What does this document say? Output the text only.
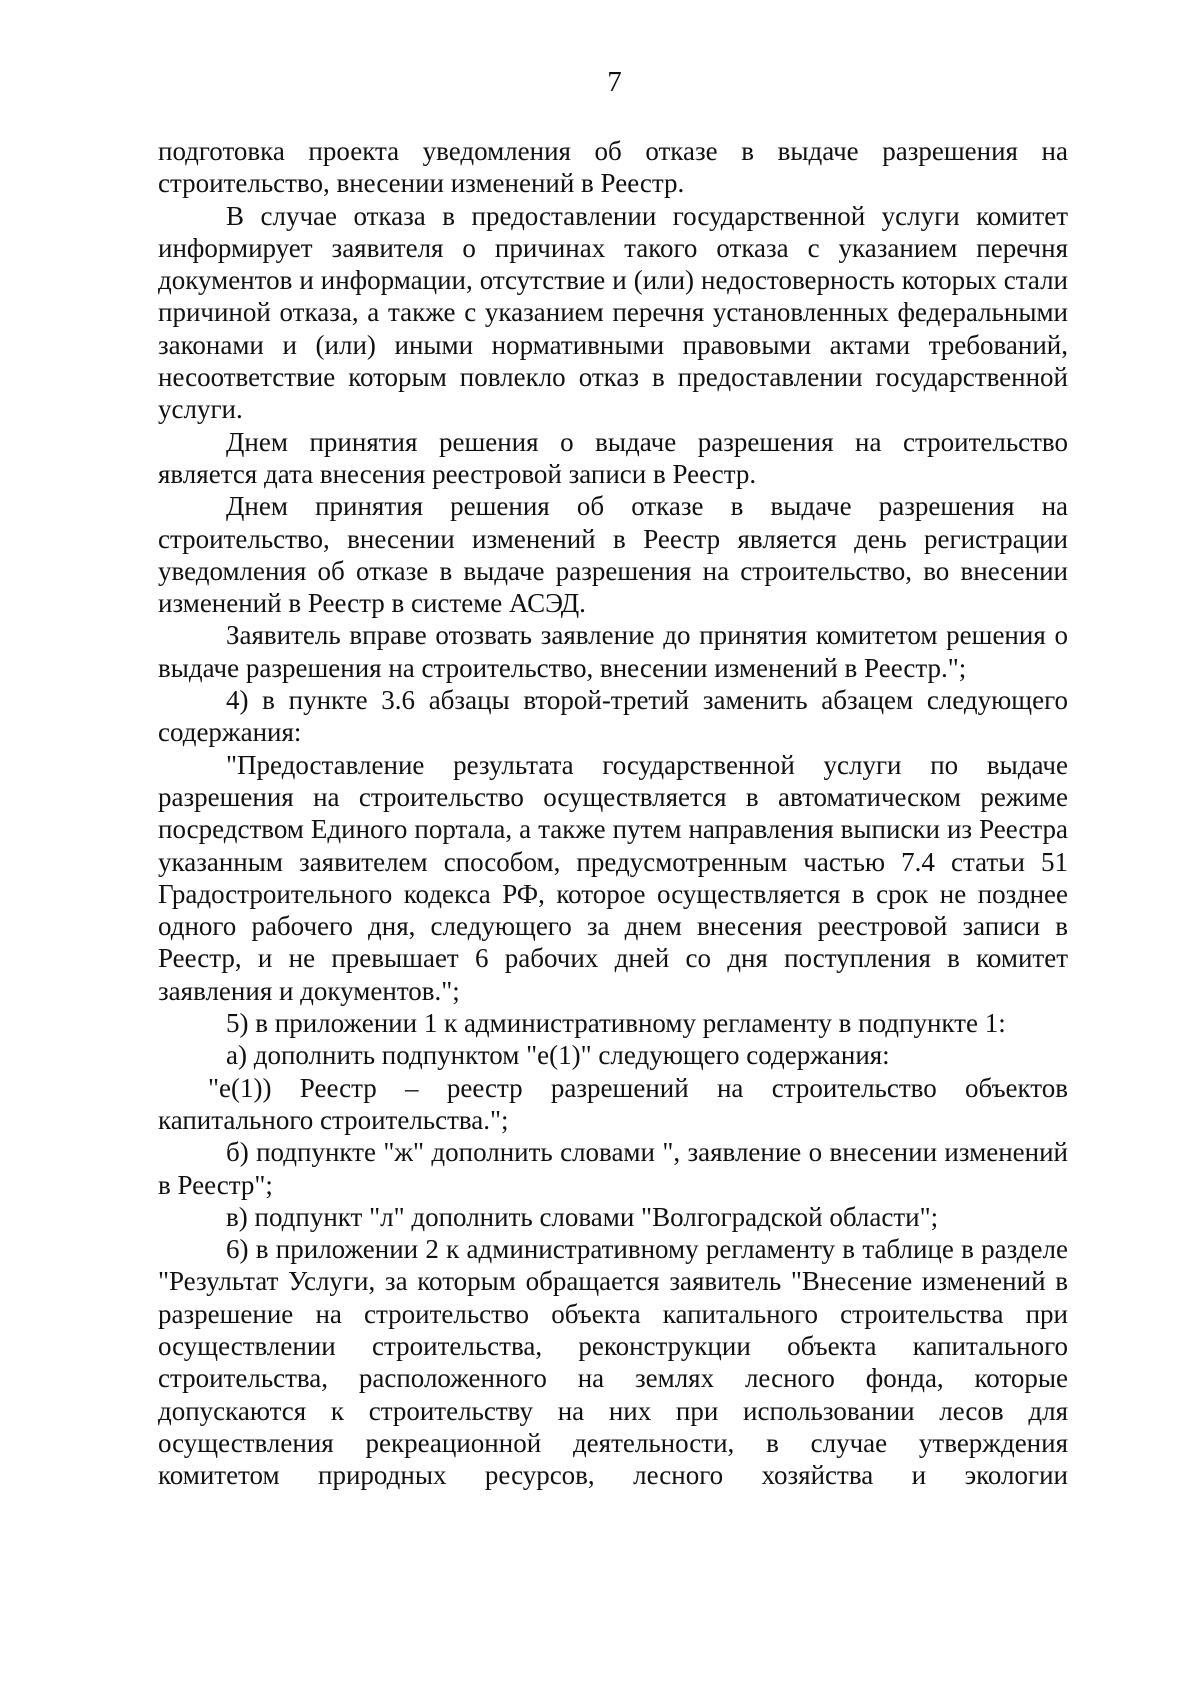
7

подготовка проекта уведомления об отказе в выдаче разрешения на строительство, внесении изменений в Реестр.

В случае отказа в предоставлении государственной услуги комитет информирует заявителя о причинах такого отказа с указанием перечня документов и информации, отсутствие и (или) недостоверность которых стали причиной отказа, а также с указанием перечня установленных федеральными законами и (или) иными нормативными правовыми актами требований, несоответствие которым повлекло отказ в предоставлении государственной услуги.

Днем принятия решения о выдаче разрешения на строительство является дата внесения реестровой записи в Реестр.

Днем принятия решения об отказе в выдаче разрешения на строительство, внесении изменений в Реестр является день регистрации уведомления об отказе в выдаче разрешения на строительство, во внесении изменений в Реестр в системе АСЭД.

Заявитель вправе отозвать заявление до принятия комитетом решения о выдаче разрешения на строительство, внесении изменений в Реестр.";

4) в пункте 3.6 абзацы второй-третий заменить абзацем следующего содержания:

"Предоставление результата государственной услуги по выдаче разрешения на строительство осуществляется в автоматическом режиме посредством Единого портала, а также путем направления выписки из Реестра указанным заявителем способом, предусмотренным частью 7.4 статьи 51 Градостроительного кодекса РФ, которое осуществляется в срок не позднее одного рабочего дня, следующего за днем внесения реестровой записи в Реестр, и не превышает 6 рабочих дней со дня поступления в комитет заявления и документов.";

5) в приложении 1 к административному регламенту в подпункте 1:

а) дополнить подпунктом "е(1)" следующего содержания:

"е(1)) Реестр – реестр разрешений на строительство объектов капитального строительства.";

б) подпункте "ж" дополнить словами ", заявление о внесении изменений в Реестр";

в) подпункт "л" дополнить словами "Волгоградской области";

6) в приложении 2 к административному регламенту в таблице в разделе "Результат Услуги, за которым обращается заявитель "Внесение изменений в разрешение на строительство объекта капитального строительства при осуществлении строительства, реконструкции объекта капитального строительства, расположенного на землях лесного фонда, которые допускаются к строительству на них при использовании лесов для осуществления рекреационной деятельности, в случае утверждения комитетом природных ресурсов, лесного хозяйства и экологии
